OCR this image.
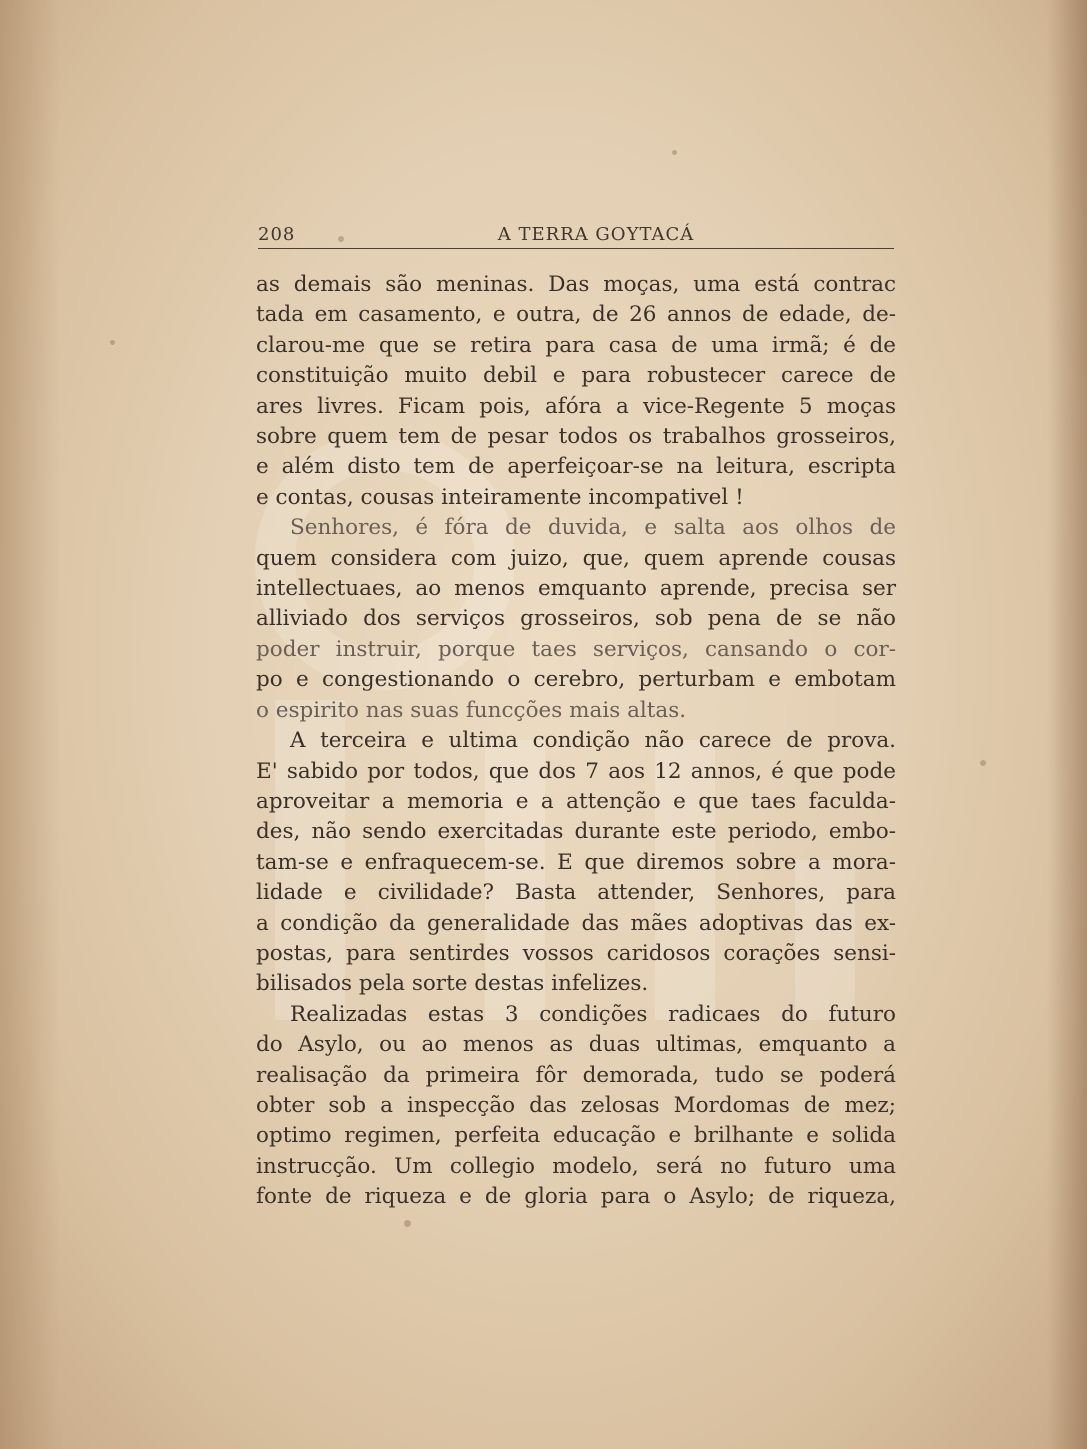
208	A TERRA GOYTACÁ
as demais são meninas. Das moças, uma está contrac
tada em casamento, e outra, de 26 annos de edade, de-
clarou-me que se retira para casa de uma irmã; é de
constituição muito debil e para robustecer carece de
ares livres. Ficam pois, afóra a vice-Regente 5 moças
sobre quem tem de pesar todos os trabalhos grosseiros,
e além disto tem de aperfeiçoar-se na leitura, escripta
e contas, cousas inteiramente incompativel !
Senhores, é fóra de duvida, e salta aos olhos de
quem considera com juizo, que, quem aprende cousas
intellectuaes, ao menos emquanto aprende, precisa ser
alliviado dos serviços grosseiros, sob pena de se não
poder instruir, porque taes serviços, cansando o cor-
po e congestionando o cerebro, perturbam e embotam
o espirito nas suas funcções mais altas.
A terceira e ultima condição não carece de prova.
E' sabido por todos, que dos 7 aos 12 annos, é que pode
aproveitar a memoria e a attenção e que taes faculda-
des, não sendo exercitadas durante este periodo, embo-
tam-se e enfraquecem-se. E que diremos sobre a mora-
lidade e civilidade? Basta attender, Senhores, para
a condição da generalidade das mães adoptivas das ex-
postas, para sentirdes vossos caridosos corações sensi-
bilisados pela sorte destas infelizes.
Realizadas estas 3 condições radicaes do futuro
do Asylo, ou ao menos as duas ultimas, emquanto a
realisação da primeira fôr demorada, tudo se poderá
obter sob a inspecção das zelosas Mordomas de mez;
optimo regimen, perfeita educação e brilhante e solida
instrucção. Um collegio modelo, será no futuro uma
fonte de riqueza e de gloria para o Asylo; de riqueza,
